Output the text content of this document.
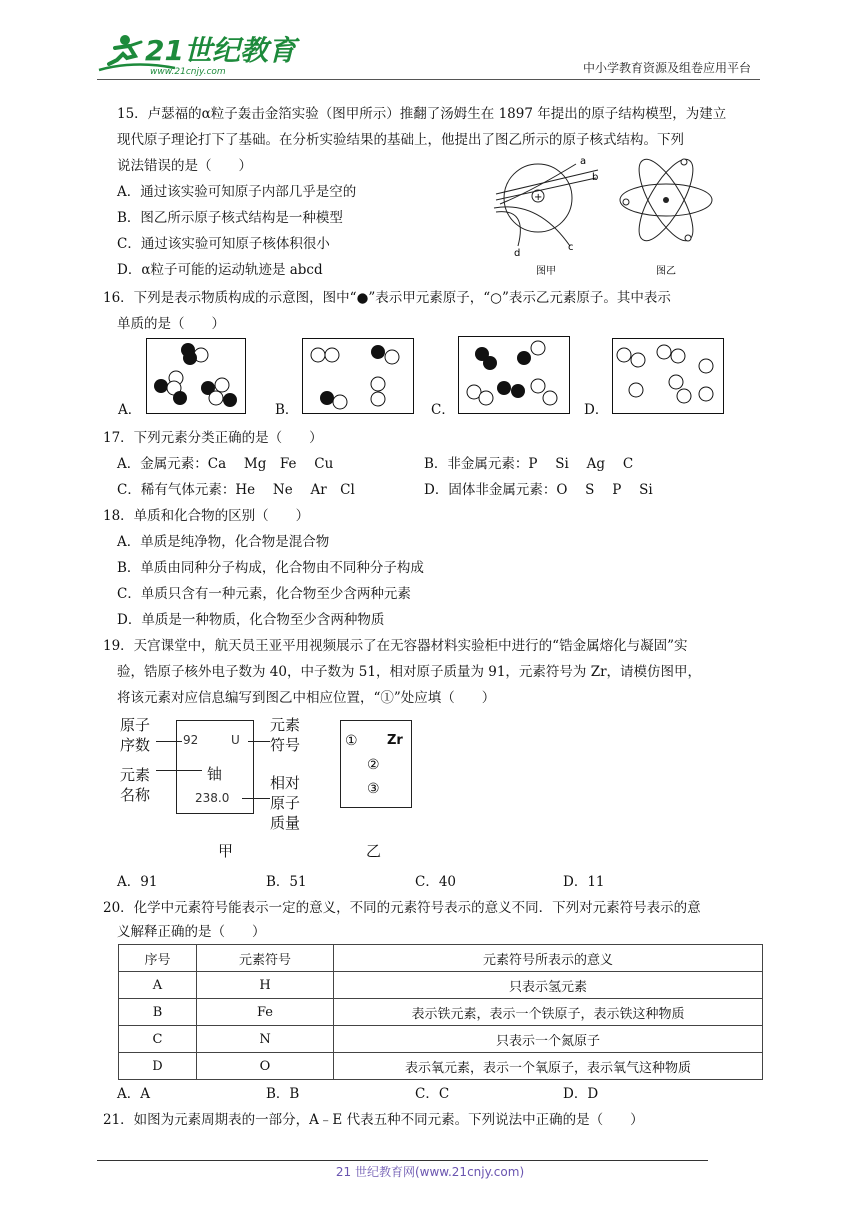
21世纪教育
www.21cnjy.com	中小学教育资源及组卷应用平台
15．卢瑟福的α粒子轰击金箔实验（图甲所示）推翻了汤姆生在 1897 年提出的原子结构模型，为建立
现代原子理论打下了基础。在分析实验结果的基础上，他提出了图乙所示的原子核式结构。下列
说法错误的是（　　）
A．通过该实验可知原子内部几乎是空的
B．图乙所示原子核式结构是一种模型
C．通过该实验可知原子核体积很小
D．α粒子可能的运动轨迹是 abcd
+
a
b
c
d
图甲	图乙
16．下列是表示物质构成的示意图，图中“●”表示甲元素原子，“○”表示乙元素原子。其中表示
单质的是（　　）
A．	B．	C．	D．
17．下列元素分类正确的是（　　）
A．金属元素：Ca　 Mg　Fe　 Cu	B．非金属元素：P　 Si　 Ag　 C
C．稀有气体元素：He　 Ne　 Ar　Cl	D．固体非金属元素：O　 S　 P　 Si
18．单质和化合物的区别（　　）
A．单质是纯净物，化合物是混合物
B．单质由同种分子构成，化合物由不同种分子构成
C．单质只含有一种元素，化合物至少含两种元素
D．单质是一种物质，化合物至少含两种物质
19．天宫课堂中，航天员王亚平用视频展示了在无容器材料实验柜中进行的“锆金属熔化与凝固”实
验，锆原子核外电子数为 40，中子数为 51，相对原子质量为 91，元素符号为 Zr，请模仿图甲，
将该元素对应信息编写到图乙中相应位置，“①”处应填（　　）
原子
序数
元素
名称
92	U
铀
238.0
元素
符号
相对
原子
质量
甲
① Zr
②
③
乙
A．91	B．51	C．40	D．11
20．化学中元素符号能表示一定的意义，不同的元素符号表示的意义不同．下列对元素符号表示的意
义解释正确的是（　　）
序号	元素符号	元素符号所表示的意义
A	H	只表示氢元素
B	Fe	表示铁元素，表示一个铁原子，表示铁这种物质
C	N	只表示一个氮原子
D	O	表示氧元素，表示一个氧原子，表示氧气这种物质
A．A	B．B	C．C	D．D
21．如图为元素周期表的一部分，A﹣E 代表五种不同元素。下列说法中正确的是（　　）
21 世纪教育网(www.21cnjy.com)
